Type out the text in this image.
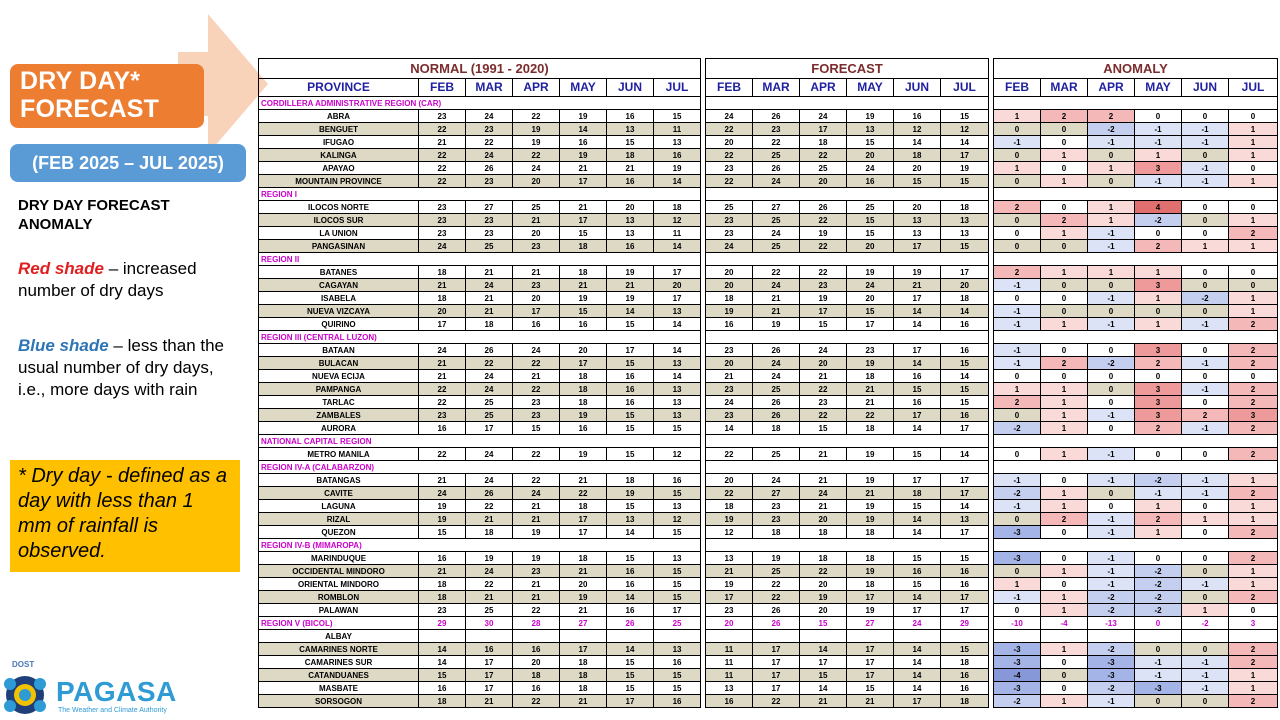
DRY DAY* FORECAST
(FEB 2025 – JUL 2025)
DRY DAY FORECAST ANOMALY
Red shade – increased number of dry days
Blue shade – less than the usual number of dry days, i.e., more days with rain
* Dry day - defined as a day with less than 1 mm of rainfall is observed.
DOST
PAGASA
The Weather and Climate Authority
NORMAL (1991 - 2020)						
PROVINCE	FEB	MAR	APR	MAY	JUN	JUL
CORDILLERA ADMINISTRATIVE REGION (CAR)						
ABRA	23	24	22	19	16	15
BENGUET	22	23	19	14	13	11
IFUGAO	21	22	19	16	15	13
KALINGA	22	24	22	19	18	16
APAYAO	22	26	24	21	21	19
MOUNTAIN PROVINCE	22	23	20	17	16	14
REGION I						
ILOCOS NORTE	23	27	25	21	20	18
ILOCOS SUR	23	23	21	17	13	12
LA UNION	23	23	20	15	13	11
PANGASINAN	24	25	23	18	16	14
REGION II						
BATANES	18	21	21	18	19	17
CAGAYAN	21	24	23	21	21	20
ISABELA	18	21	20	19	19	17
NUEVA VIZCAYA	20	21	17	15	14	13
QUIRINO	17	18	16	16	15	14
REGION III (CENTRAL LUZON)						
BATAAN	24	26	24	20	17	14
BULACAN	21	22	22	17	15	13
NUEVA ECIJA	21	24	21	18	16	14
PAMPANGA	22	24	22	18	16	13
TARLAC	22	25	23	18	16	13
ZAMBALES	23	25	23	19	15	13
AURORA	16	17	15	16	15	15
NATIONAL CAPITAL REGION						
METRO MANILA	22	24	22	19	15	12
REGION IV-A (CALABARZON)						
BATANGAS	21	24	22	21	18	16
CAVITE	24	26	24	22	19	15
LAGUNA	19	22	21	18	15	13
RIZAL	19	21	21	17	13	12
QUEZON	15	18	19	17	14	15
REGION IV-B (MIMAROPA)						
MARINDUQUE	16	19	19	18	15	13
OCCIDENTAL MINDORO	21	24	23	21	16	15
ORIENTAL MINDORO	18	22	21	20	16	15
ROMBLON	18	21	21	19	14	15
PALAWAN	23	25	22	21	16	17
REGION V (BICOL)	29	30	28	27	26	25
ALBAY						
CAMARINES NORTE	14	16	16	17	14	13
CAMARINES SUR	14	17	20	18	15	16
CATANDUANES	15	17	18	18	15	15
MASBATE	16	17	16	18	15	15
SORSOGON	18	21	22	21	17	16
FORECAST					
FEB	MAR	APR	MAY	JUN	JUL

24	26	24	19	16	15
22	23	17	13	12	12
20	22	18	15	14	14
22	25	22	20	18	17
23	26	25	24	20	19
22	24	20	16	15	15

25	27	26	25	20	18
23	25	22	15	13	13
23	24	19	15	13	13
24	25	22	20	17	15

20	22	22	19	19	17
20	24	23	24	21	20
18	21	19	20	17	18
19	21	17	15	14	14
16	19	15	17	14	16

23	26	24	23	17	16
20	24	20	19	14	15
21	24	21	18	16	14
23	25	22	21	15	15
24	26	23	21	16	15
23	26	22	22	17	16
14	18	15	18	14	17

22	25	21	19	15	14

20	24	21	19	17	17
22	27	24	21	18	17
18	23	21	19	15	14
19	23	20	19	14	13
12	18	18	18	14	17

13	19	18	18	15	15
21	25	22	19	16	16
19	22	20	18	15	16
17	22	19	17	14	17
23	26	20	19	17	17
20	26	15	27	24	29

11	17	14	17	14	15
11	17	17	17	14	18
11	17	15	17	14	16
13	17	14	15	14	16
16	22	21	21	17	18
ANOMALY					
FEB	MAR	APR	MAY	JUN	JUL

1	2	2	0	0	0
0	0	-2	-1	-1	1
-1	0	-1	-1	-1	1
0	1	0	1	0	1
1	0	1	3	-1	0
0	1	0	-1	-1	1

2	0	1	4	0	0
0	2	1	-2	0	1
0	1	-1	0	0	2
0	0	-1	2	1	1

2	1	1	1	0	0
-1	0	0	3	0	0
0	0	-1	1	-2	1
-1	0	0	0	0	1
-1	1	-1	1	-1	2

-1	0	0	3	0	2
-1	2	-2	2	-1	2
0	0	0	0	0	0
1	1	0	3	-1	2
2	1	0	3	0	2
0	1	-1	3	2	3
-2	1	0	2	-1	2

0	1	-1	0	0	2

-1	0	-1	-2	-1	1
-2	1	0	-1	-1	2
-1	1	0	1	0	1
0	2	-1	2	1	1
-3	0	-1	1	0	2

-3	0	-1	0	0	2
0	1	-1	-2	0	1
1	0	-1	-2	-1	1
-1	1	-2	-2	0	2
0	1	-2	-2	1	0
-10	-4	-13	0	-2	3

-3	1	-2	0	0	2
-3	0	-3	-1	-1	2
-4	0	-3	-1	-1	1
-3	0	-2	-3	-1	1
-2	1	-1	0	0	2
